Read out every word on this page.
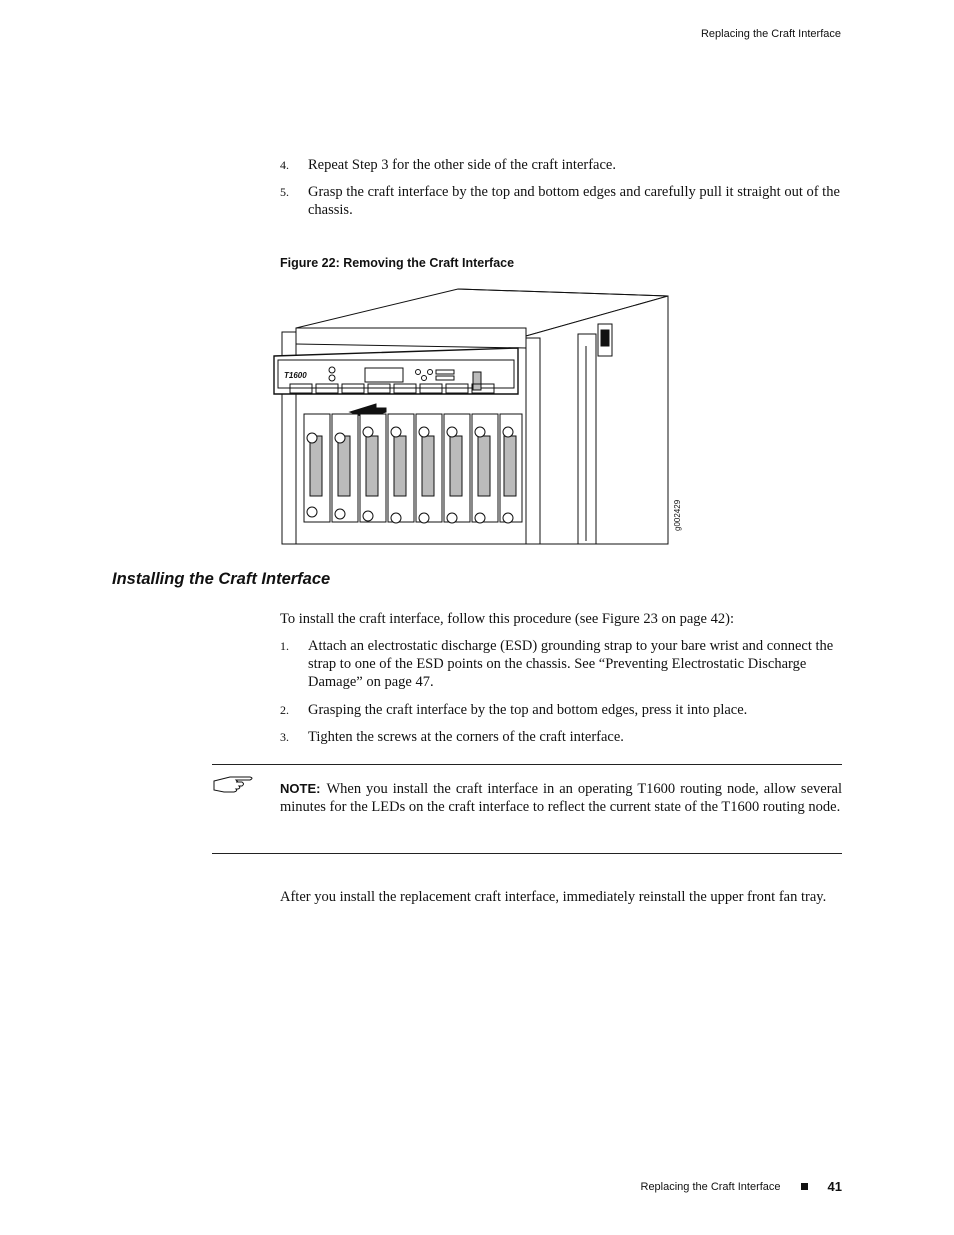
Replacing the Craft Interface
4. Repeat Step 3 for the other side of the craft interface.
5. Grasp the craft interface by the top and bottom edges and carefully pull it straight out of the chassis.
Figure 22: Removing the Craft Interface
T1600
g002429
Installing the Craft Interface
To install the craft interface, follow this procedure (see Figure 23 on page 42):
1. Attach an electrostatic discharge (ESD) grounding strap to your bare wrist and connect the strap to one of the ESD points on the chassis. See “Preventing Electrostatic Discharge Damage” on page 47.
2. Grasping the craft interface by the top and bottom edges, press it into place.
3. Tighten the screws at the corners of the craft interface.
NOTE: When you install the craft interface in an operating T1600 routing node, allow several minutes for the LEDs on the craft interface to reflect the current state of the T1600 routing node.
After you install the replacement craft interface, immediately reinstall the upper front fan tray.
Replacing the Craft Interface	41
